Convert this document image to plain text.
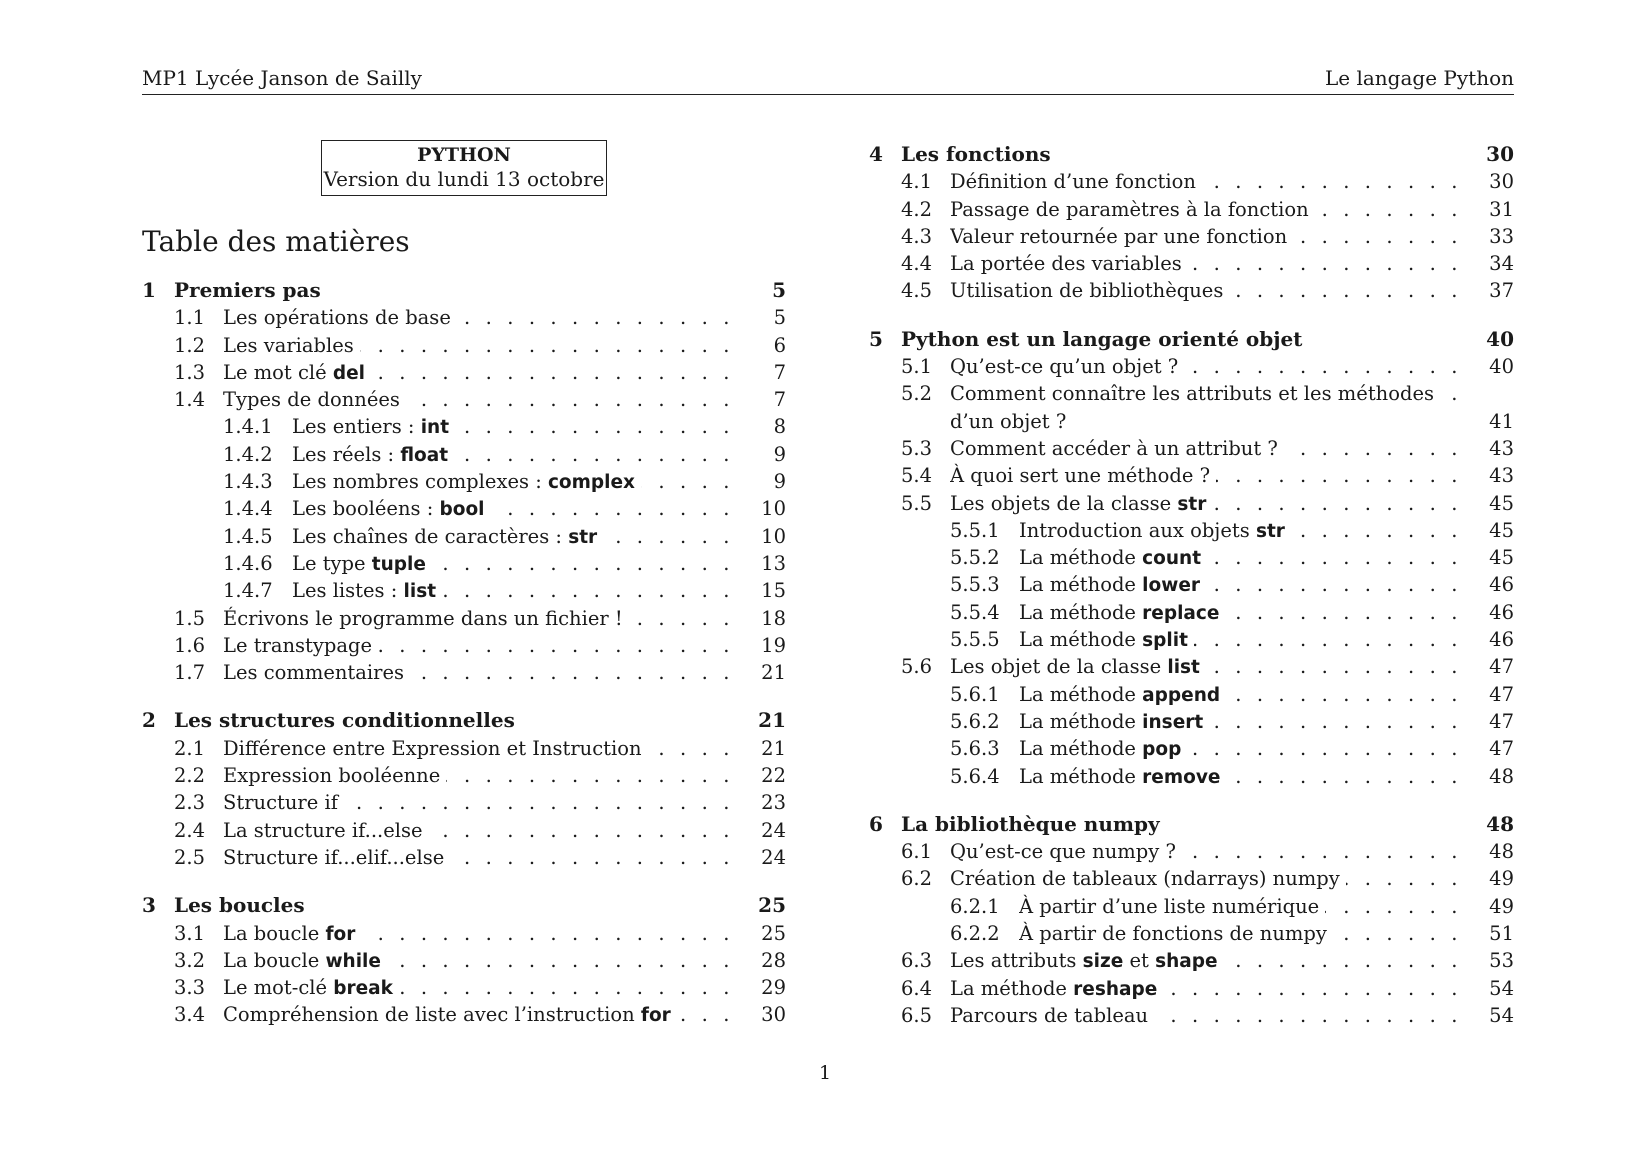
MP1 Lycée Janson de Sailly	Le langage Python
PYTHON
Version du lundi 13 octobre
Table des matières
1 Premiers pas	5
1.1 Les opérations de base . . .	5
1.2 Les variables . . .	6
1.3 Le mot clé del . . .	7
1.4 Types de données . . .	7
1.4.1 Les entiers : int . . .	8
1.4.2 Les réels : float . . .	9
1.4.3 Les nombres complexes : complex . . .	9
1.4.4 Les booléens : bool . . .	10
1.4.5 Les chaînes de caractères : str . . .	10
1.4.6 Le type tuple . . .	13
1.4.7 Les listes : list . . .	15
1.5 Écrivons le programme dans un fichier ! . . .	18
1.6 Le transtypage . . .	19
1.7 Les commentaires . . .	21
2 Les structures conditionnelles	21
2.1 Différence entre Expression et Instruction . . .	21
2.2 Expression booléenne . . .	22
2.3 Structure if . . .	23
2.4 La structure if...else . . .	24
2.5 Structure if...elif...else . . .	24
3 Les boucles	25
3.1 La boucle for . . .	25
3.2 La boucle while . . .	28
3.3 Le mot-clé break . . .	29
3.4 Compréhension de liste avec l’instruction for . . .	30
4 Les fonctions	30
4.1 Définition d’une fonction . . .	30
4.2 Passage de paramètres à la fonction . . .	31
4.3 Valeur retournée par une fonction . . .	33
4.4 La portée des variables . . .	34
4.5 Utilisation de bibliothèques . . .	37
5 Python est un langage orienté objet	40
5.1 Qu’est-ce qu’un objet ? . . .	40
5.2 Comment connaître les attributs et les méthodes d’un objet ? . . .	41
5.3 Comment accéder à un attribut ? . . .	43
5.4 À quoi sert une méthode ? . . .	43
5.5 Les objets de la classe str . . .	45
5.5.1 Introduction aux objets str . . .	45
5.5.2 La méthode count . . .	45
5.5.3 La méthode lower . . .	46
5.5.4 La méthode replace . . .	46
5.5.5 La méthode split . . .	46
5.6 Les objet de la classe list . . .	47
5.6.1 La méthode append . . .	47
5.6.2 La méthode insert . . .	47
5.6.3 La méthode pop . . .	47
5.6.4 La méthode remove . . .	48
6 La bibliothèque numpy	48
6.1 Qu’est-ce que numpy ? . . .	48
6.2 Création de tableaux (ndarrays) numpy . . .	49
6.2.1 À partir d’une liste numérique . . .	49
6.2.2 À partir de fonctions de numpy . . .	51
6.3 Les attributs size et shape . . .	53
6.4 La méthode reshape . . .	54
6.5 Parcours de tableau . . .	54
1
